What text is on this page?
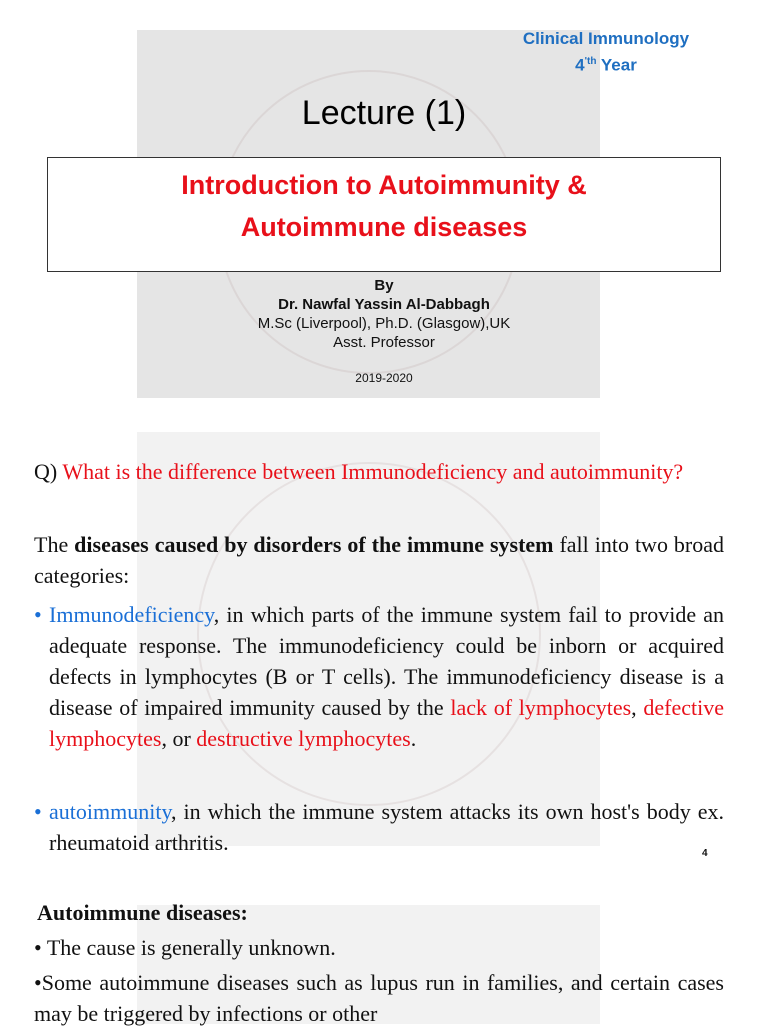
Clinical Immunology
$4^{'th}$ Year
Lecture (1)
Introduction to Autoimmunity &
Autoimmune diseases
By
Dr. Nawfal Yassin Al-Dabbagh
M.Sc (Liverpool), Ph.D. (Glasgow),UK
Asst. Professor
2019-2020
Q) What is the difference between Immunodeficiency and autoimmunity?
The diseases caused by disorders of the immune system fall into two broad categories:
• Immunodeficiency, in which parts of the immune system fail to provide an adequate response. The immunodeficiency could be inborn or acquired defects in lymphocytes (B or T cells). The immunodeficiency disease is a disease of impaired immunity caused by the lack of lymphocytes, defective lymphocytes, or destructive lymphocytes.
• autoimmunity, in which the immune system attacks its own host's body ex. rheumatoid arthritis.	4
Autoimmune diseases:
• The cause is generally unknown.
•Some autoimmune diseases such as lupus run in families, and certain cases may be triggered by infections or other
